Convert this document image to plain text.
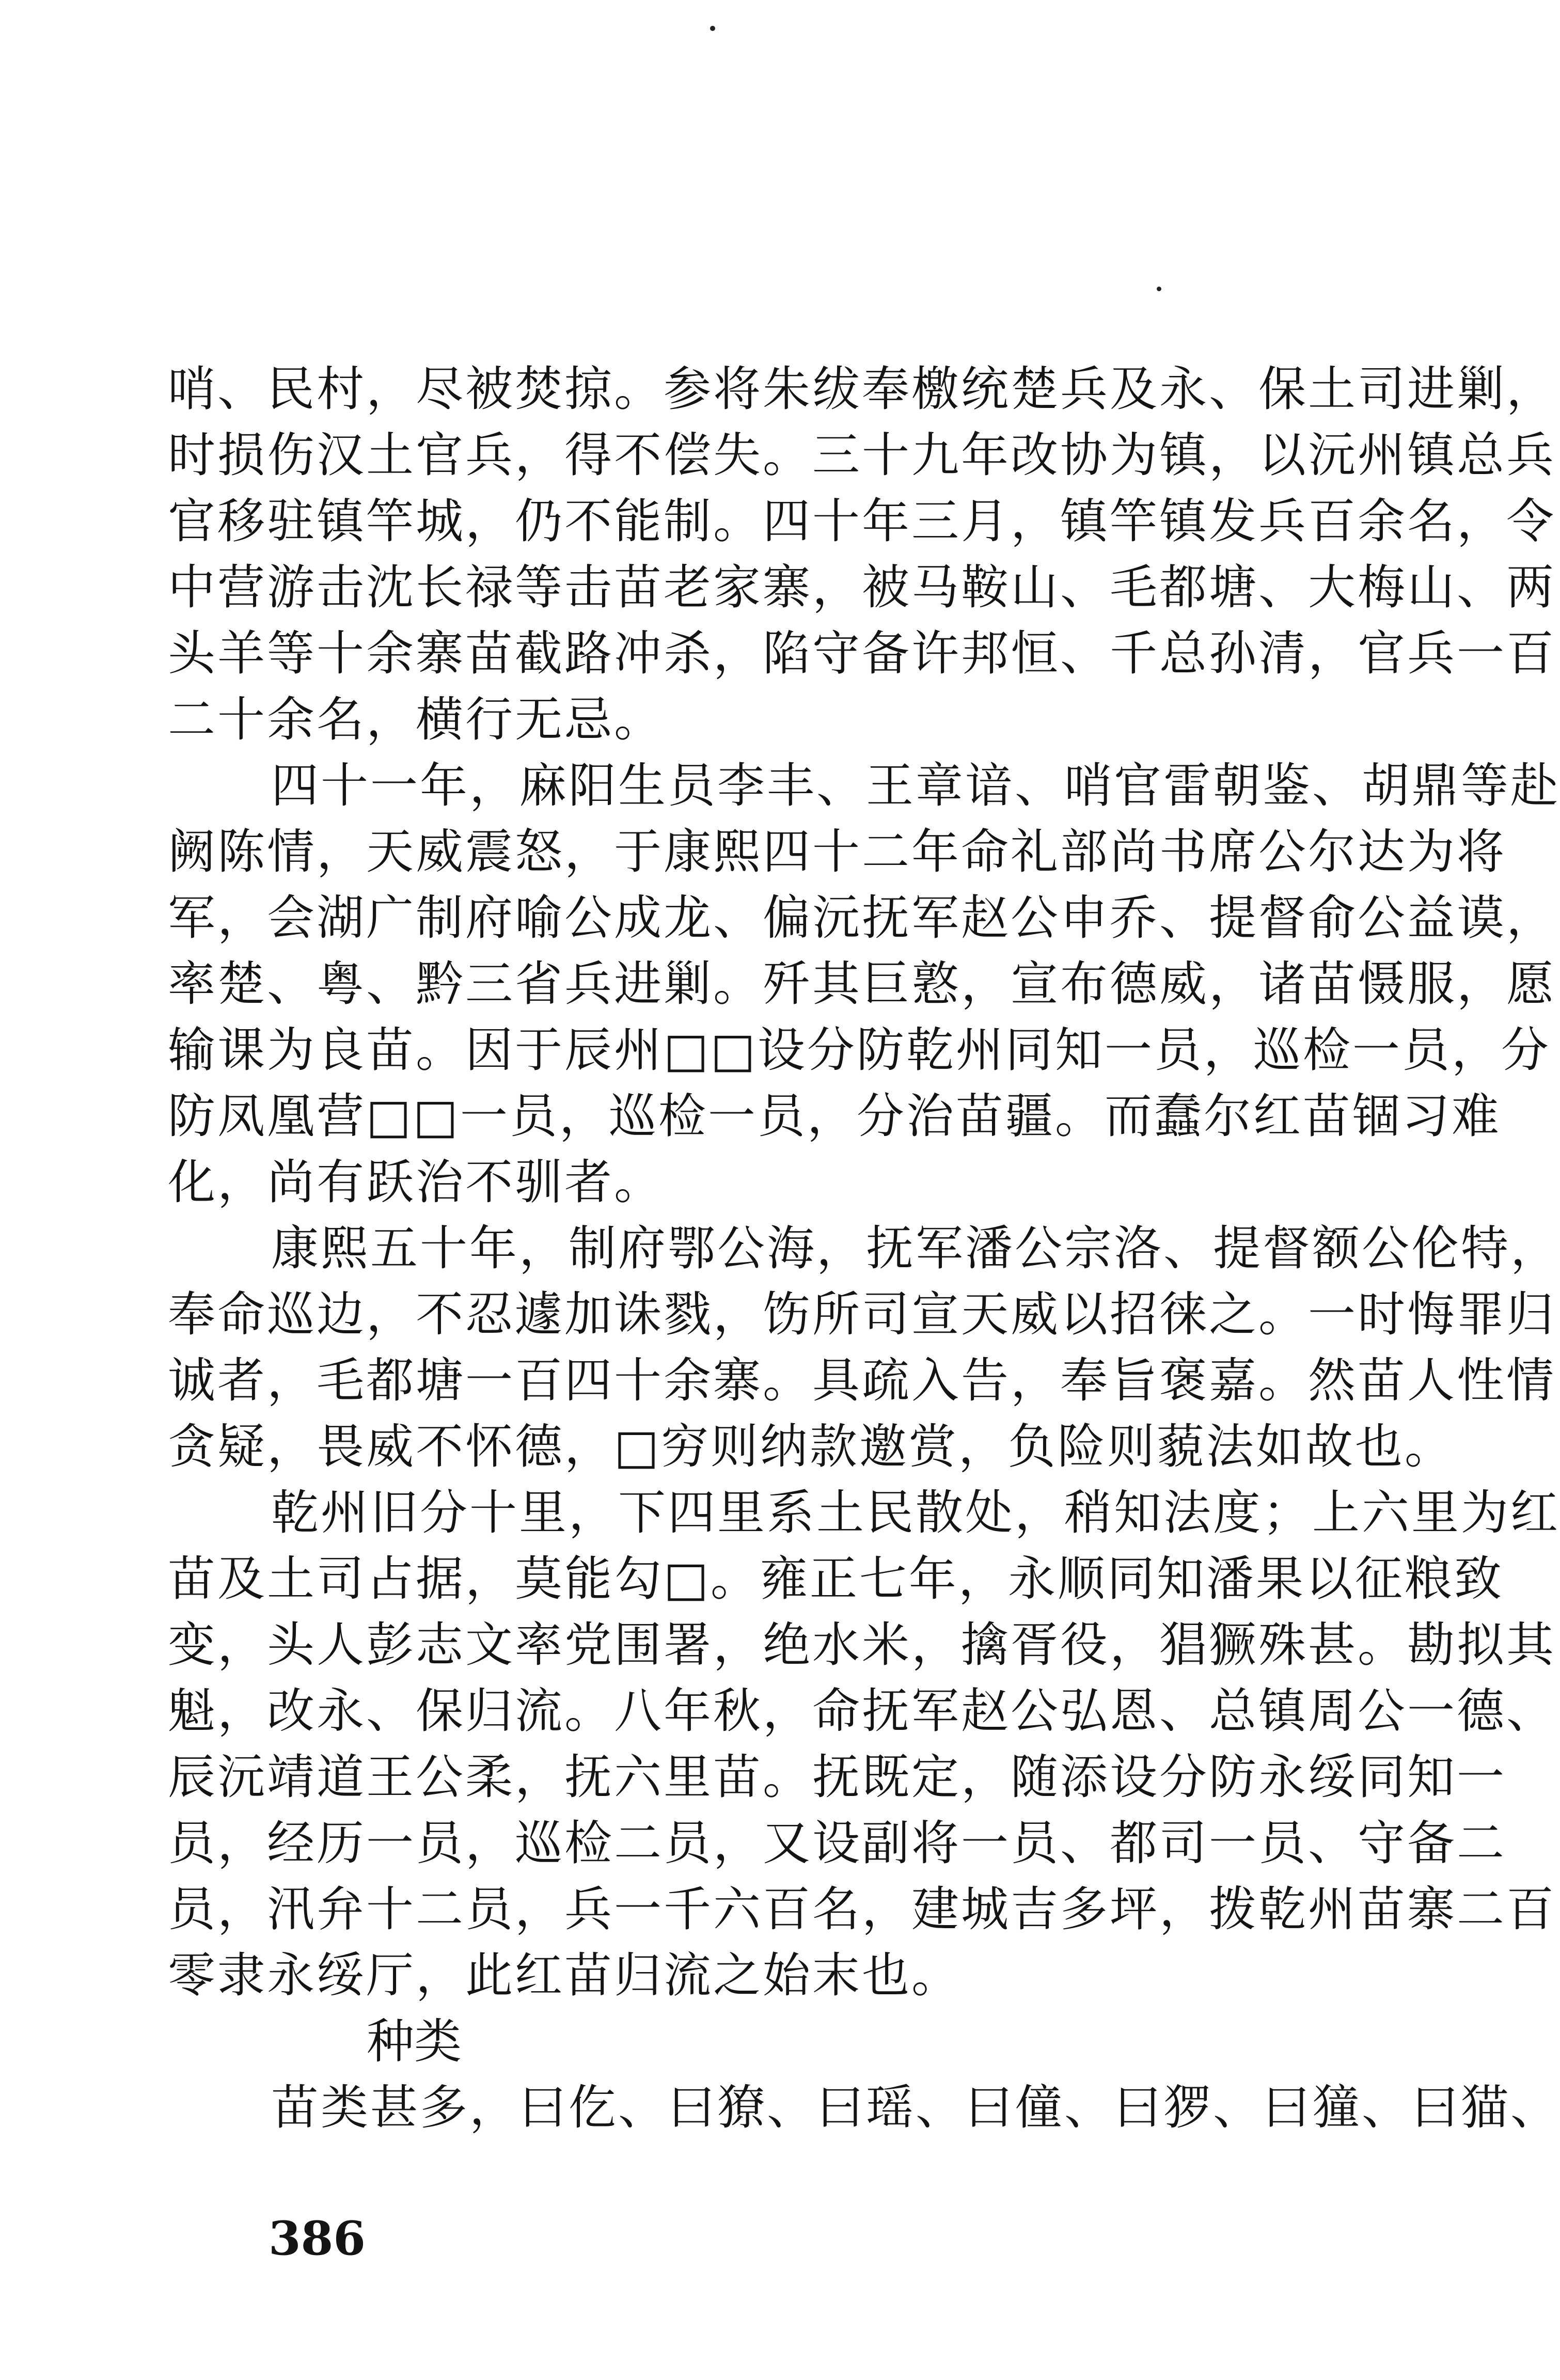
哨、民村，尽被焚掠。参将朱绂奉檄统楚兵及永、保土司进剿，
时损伤汉土官兵，得不偿失。三十九年改协为镇，以沅州镇总兵
官移驻镇竿城，仍不能制。四十年三月，镇竿镇发兵百余名，令
中营游击沈长禄等击苗老家寨，被马鞍山、毛都塘、大梅山、两
头羊等十余寨苗截路冲杀，陷守备许邦恒、千总孙清，官兵一百
二十余名，横行无忌。
四十一年，麻阳生员李丰、王章谙、哨官雷朝鉴、胡鼎等赴
阙陈情，天威震怒，于康熙四十二年命礼部尚书席公尔达为将
军，会湖广制府喻公成龙、偏沅抚军赵公申乔、提督俞公益谟，
率楚、粤、黔三省兵进剿。歼其巨憝，宣布德威，诸苗慑服，愿
输课为良苗。因于辰州□□设分防乾州同知一员，巡检一员，分
防凤凰营□□一员，巡检一员，分治苗疆。而蠢尔红苗锢习难
化，尚有跃治不驯者。
康熙五十年，制府鄂公海，抚军潘公宗洛、提督额公伦特，
奉命巡边，不忍遽加诛戮，饬所司宣天威以招徕之。一时悔罪归
诚者，毛都塘一百四十余寨。具疏入告，奉旨褒嘉。然苗人性情
贪疑，畏威不怀德，□穷则纳款邀赏，负险则藐法如故也。
乾州旧分十里，下四里系土民散处，稍知法度；上六里为红
苗及土司占据，莫能勾□。雍正七年，永顺同知潘果以征粮致
变，头人彭志文率党围署，绝水米，擒胥役，猖獗殊甚。勘拟其
魁，改永、保归流。八年秋，命抚军赵公弘恩、总镇周公一德、
辰沅靖道王公柔，抚六里苗。抚既定，随添设分防永绥同知一
员，经历一员，巡检二员，又设副将一员、都司一员、守备二
员，汛弁十二员，兵一千六百名，建城吉多坪，拨乾州苗寨二百
零隶永绥厅，此红苗归流之始末也。
种类
苗类甚多，曰仡、曰獠、曰瑶、曰僮、曰猡、曰獞、曰猫、
386
